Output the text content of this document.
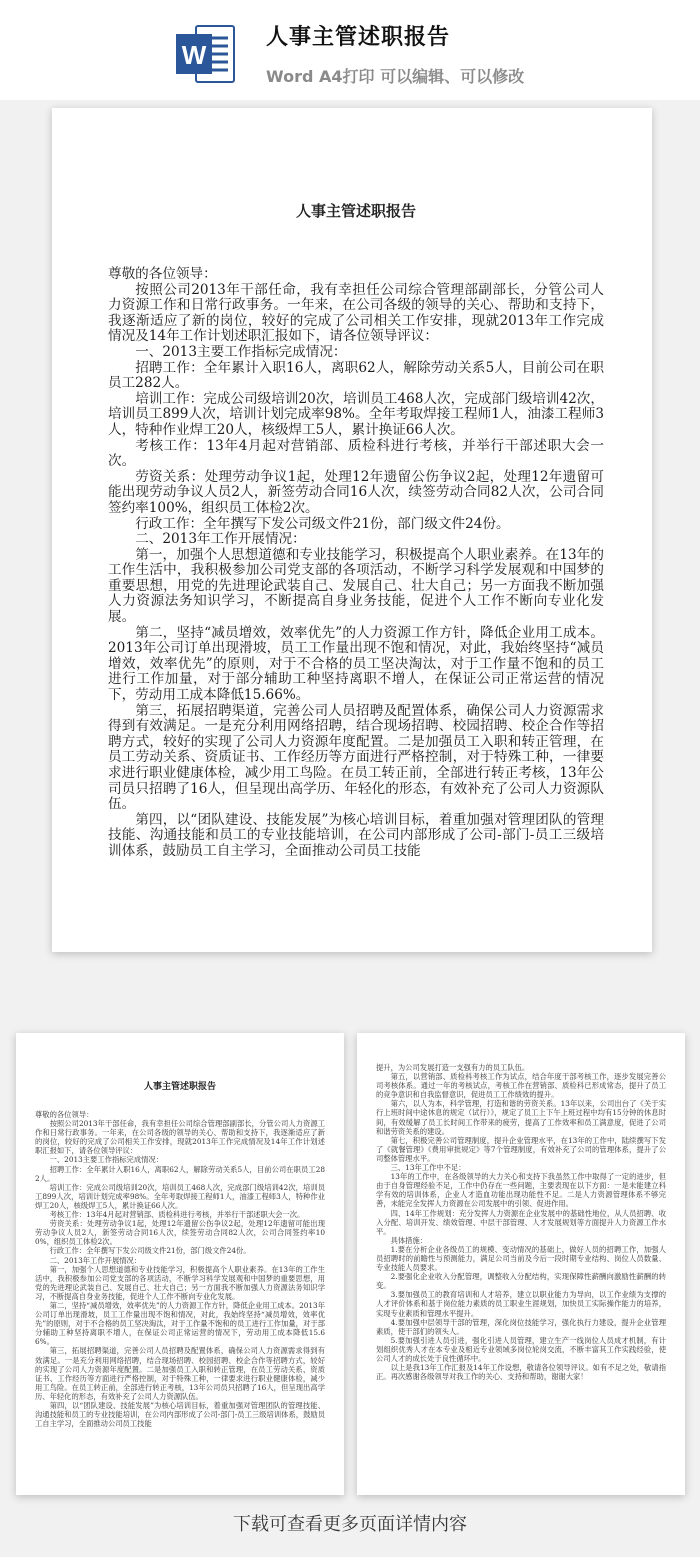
W
人事主管述职报告
Word A4打印 可以编辑、可以修改
人事主管述职报告

尊敬的各位领导：

按照公司2013年干部任命，我有幸担任公司综合管理部副部长，分管公司人力资源工作和日常行政事务。一年来，在公司各级的领导的关心、帮助和支持下，我逐渐适应了新的岗位，较好的完成了公司相关工作安排，现就2013年工作完成情况及14年工作计划述职汇报如下，请各位领导评议：

一、2013主要工作指标完成情况：

招聘工作：全年累计入职16人，离职62人，解除劳动关系5人，目前公司在职员工282人。

培训工作：完成公司级培训20次，培训员工468人次，完成部门级培训42次，培训员工899人次，培训计划完成率98%。全年考取焊接工程师1人，油漆工程师3人，特种作业焊工20人，核级焊工5人，累计换证66人次。

考核工作：13年4月起对营销部、质检科进行考核，并举行干部述职大会一次。

劳资关系：处理劳动争议1起，处理12年遗留公伤争议2起，处理12年遗留可能出现劳动争议人员2人，新签劳动合同16人次，续签劳动合同82人次，公司合同签约率100%，组织员工体检2次。

行政工作：全年撰写下发公司级文件21份，部门级文件24份。

二、2013年工作开展情况：

第一，加强个人思想道德和专业技能学习，积极提高个人职业素养。在13年的工作生活中，我积极参加公司党支部的各项活动，不断学习科学发展观和中国梦的重要思想，用党的先进理论武装自己、发展自己、壮大自己；另一方面我不断加强人力资源法务知识学习，不断提高自身业务技能，促进个人工作不断向专业化发展。

第二，坚持“减员增效，效率优先”的人力资源工作方针，降低企业用工成本。2013年公司订单出现滑坡，员工工作量出现不饱和情况，对此，我始终坚持“减员增效，效率优先”的原则，对于不合格的员工坚决淘汰，对于工作量不饱和的员工进行工作加量，对于部分辅助工种坚持离职不增人，在保证公司正常运营的情况下，劳动用工成本降低15.66%。

第三，拓展招聘渠道，完善公司人员招聘及配置体系，确保公司人力资源需求得到有效满足。一是充分利用网络招聘，结合现场招聘、校园招聘、校企合作等招聘方式，较好的实现了公司人力资源年度配置。二是加强员工入职和转正管理，在员工劳动关系、资质证书、工作经历等方面进行严格控制，对于特殊工种，一律要求进行职业健康体检，减少用工鸟险。在员工转正前，全部进行转正考核，13年公司员只招聘了16人，但呈现出高学历、年轻化的形态，有效补充了公司人力资源队伍。

第四，以“团队建设、技能发展”为核心培训目标，着重加强对管理团队的管理技能、沟通技能和员工的专业技能培训，在公司内部形成了公司-部门-员工三级培训体系，鼓励员工自主学习，全面推动公司员工技能

人事主管述职报告

尊敬的各位领导：

按照公司2013年干部任命，我有幸担任公司综合管理部副部长，分管公司人力资源工作和日常行政事务。一年来，在公司各级的领导的关心、帮助和支持下，我逐渐适应了新的岗位，较好的完成了公司相关工作安排，现就2013年工作完成情况及14年工作计划述职汇报如下，请各位领导评议：

一、2013主要工作指标完成情况：

招聘工作：全年累计入职16人，离职62人，解除劳动关系5人，目前公司在职员工282人。

培训工作：完成公司级培训20次，培训员工468人次，完成部门级培训42次，培训员工899人次，培训计划完成率98%。全年考取焊接工程师1人，油漆工程师3人，特种作业焊工20人，核级焊工5人，累计换证66人次。

考核工作：13年4月起对营销部、质检科进行考核，并举行干部述职大会一次。

劳资关系：处理劳动争议1起，处理12年遗留公伤争议2起，处理12年遗留可能出现劳动争议人员2人，新签劳动合同16人次，续签劳动合同82人次，公司合同签约率100%，组织员工体检2次。

行政工作：全年撰写下发公司级文件21份，部门级文件24份。

二、2013年工作开展情况：

第一，加强个人思想道德和专业技能学习，积极提高个人职业素养。在13年的工作生活中，我积极参加公司党支部的各项活动，不断学习科学发展观和中国梦的重要思想，用党的先进理论武装自己、发展自己、壮大自己；另一方面我不断加强人力资源法务知识学习，不断提高自身业务技能，促进个人工作不断向专业化发展。

第二，坚持“减员增效，效率优先”的人力资源工作方针，降低企业用工成本。2013年公司订单出现滑坡，员工工作量出现不饱和情况，对此，我始终坚持“减员增效，效率优先”的原则，对于不合格的员工坚决淘汰，对于工作量不饱和的员工进行工作加量，对于部分辅助工种坚持离职不增人，在保证公司正常运营的情况下，劳动用工成本降低15.66%。

第三，拓展招聘渠道，完善公司人员招聘及配置体系，确保公司人力资源需求得到有效满足。一是充分利用网络招聘，结合现场招聘、校园招聘、校企合作等招聘方式，较好的实现了公司人力资源年度配置。二是加强员工入职和转正管理，在员工劳动关系、资质证书、工作经历等方面进行严格控制，对于特殊工种，一律要求进行职业健康体检，减少用工鸟险。在员工转正前，全部进行转正考核，13年公司员只招聘了16人，但呈现出高学历、年轻化的形态，有效补充了公司人力资源队伍。

第四，以“团队建设、技能发展”为核心培训目标，着重加强对管理团队的管理技能、沟通技能和员工的专业技能培训，在公司内部形成了公司-部门-员工三级培训体系，鼓励员工自主学习，全面推动公司员工技能

提升，为公司发展打造一支强有力的员工队伍。

第五，以营销部、质检科考核工作为试点，结合年度干部考核工作，逐步发展完善公司考核体系。通过一年的考核试点，考核工作在营销部、质检科已形成常态，提升了员工的竞争意识和自我监督意识，促进员工工作绩效的提升。

第六，以人为本，科学管理，打造和谐的劳资关系。13年以来，公司出台了《关于实行上班时间中途休息的规定（试行）》，规定了员工上下午上班过程中均有15分钟的休息时间，有效缓解了员工长时间工作带来的疲劳，提高了工作效率和员工满意度，促进了公司和谐劳资关系的建设。

第七，积极完善公司管理制度，提升企业管理水平，在13年的工作中，陆续撰写下发了《就餐管理》《费用审批规定》等7个管理制度，有效补充了公司的管理体系，提升了公司整体管理水平。

三、13年工作中不足：

13年的工作中，在各级领导的大力关心和支持下我虽然工作中取得了一定的进步，但由于自身管理经验不足，工作中仍存在一些问题，主要表现在以下方面：一是未能建立科学有效的培训体系，企业人才造血功能出现功能性不足。二是人力资源管理体系不够完善，未能完全发挥人力资源在公司发展中的引领、促进作用。

四、14年工作规划：充分发挥人力资源在企业发展中的基础性地位，从人员招聘、收入分配、培训开发、绩效管理、中层干部管理、人才发展规划等方面提升人力资源工作水平。

具体措施：

1.要在分析企业各级员工的规模、变动情况的基础上，做好人员的招聘工作，加强人员招聘时的前瞻性与预测能力，满足公司当前及今后一段时期专业结构、岗位人员数量、专业技能人员要求。

2.要强化企业收入分配管理，调整收入分配结构，实现保障性薪酬向激励性薪酬的转变。

3.要加强员工的教育培训和人才培养，建立以职业能力为导向，以工作业绩为支撑的人才评价体系和基于岗位能力素质的员工职业生涯规划，加快员工实际操作能力的培养，实现专业素质和管理水平提升。

4.要加强中层领导干部的管理，深化岗位技能学习，强化执行力建设，提升企业管理素质，使干部们的领头人。

5.要加强引进人员引进，强化引进人员管理，建立生产一线岗位人员成才机制，有计划组织优秀人才在本专业及相近专业领域多岗位轮岗交流，不断丰富其工作实践经验，使公司人才的成长处于良性循环中。

以上是我13年工作汇报及14年工作设想，敬请各位领导评议。如有不足之处，敬请指正。再次感谢各级领导对我工作的关心、支持和帮助，谢谢大家！

下载可查看更多页面详情内容
